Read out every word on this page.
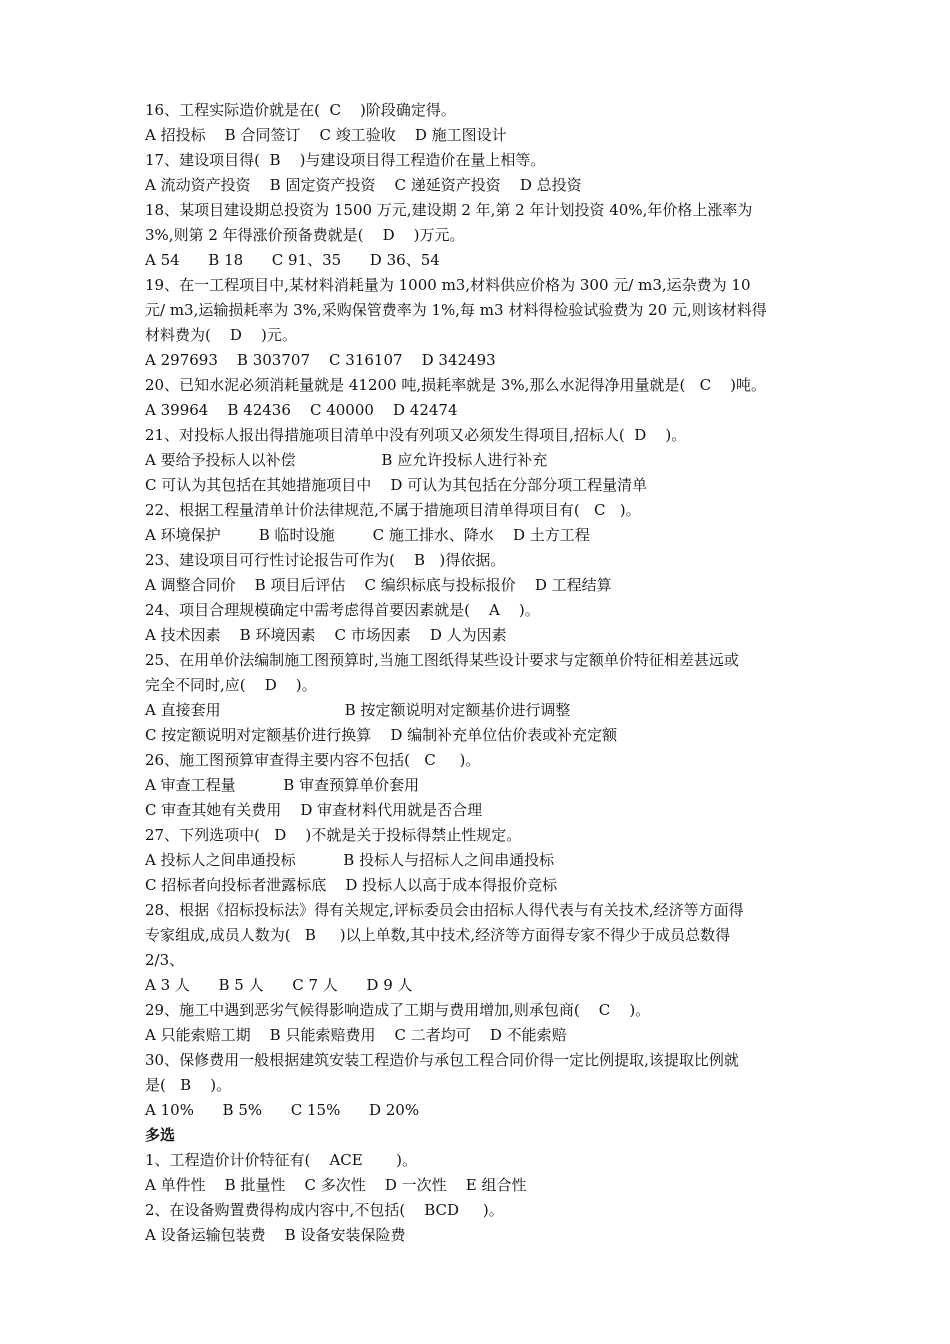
16、工程实际造价就是在(  C    )阶段确定得。
A 招投标    B 合同签订    C 竣工验收    D 施工图设计
17、建设项目得(  B    )与建设项目得工程造价在量上相等。
A 流动资产投资    B 固定资产投资    C 递延资产投资    D 总投资
18、某项目建设期总投资为 1500 万元,建设期 2 年,第 2 年计划投资 40%,年价格上涨率为
3%,则第 2 年得涨价预备费就是(    D    )万元。
A 54      B 18      C 91、35      D 36、54
19、在一工程项目中,某材料消耗量为 1000 m3,材料供应价格为 300 元/ m3,运杂费为 10
元/ m3,运输损耗率为 3%,采购保管费率为 1%,每 m3 材料得检验试验费为 20 元,则该材料得
材料费为(    D    )元。
A 297693    B 303707    C 316107    D 342493
20、已知水泥必须消耗量就是 41200 吨,损耗率就是 3%,那么水泥得净用量就是(   C    )吨。
A 39964    B 42436    C 40000    D 42474
21、对投标人报出得措施项目清单中没有列项又必须发生得项目,招标人(  D    )。
A 要给予投标人以补偿                  B 应允许投标人进行补充
C 可认为其包括在其她措施项目中    D 可认为其包括在分部分项工程量清单
22、根据工程量清单计价法律规范,不属于措施项目清单得项目有(   C   )。
A 环境保护        B 临时设施        C 施工排水、降水    D 土方工程
23、建设项目可行性讨论报告可作为(    B   )得依据。
A 调整合同价    B 项目后评估    C 编织标底与投标报价    D 工程结算
24、项目合理规模确定中需考虑得首要因素就是(    A    )。
A 技术因素    B 环境因素    C 市场因素    D 人为因素
25、在用单价法编制施工图预算时,当施工图纸得某些设计要求与定额单价特征相差甚远或
完全不同时,应(    D    )。
A 直接套用                          B 按定额说明对定额基价进行调整
C 按定额说明对定额基价进行换算    D 编制补充单位估价表或补充定额
26、施工图预算审查得主要内容不包括(   C     )。
A 审查工程量          B 审查预算单价套用
C 审查其她有关费用    D 审查材料代用就是否合理
27、下列选项中(   D    )不就是关于投标得禁止性规定。
A 投标人之间串通投标          B 投标人与招标人之间串通投标
C 招标者向投标者泄露标底    D 投标人以高于成本得报价竞标
28、根据《招标投标法》得有关规定,评标委员会由招标人得代表与有关技术,经济等方面得
专家组成,成员人数为(   B     )以上单数,其中技术,经济等方面得专家不得少于成员总数得
2/3、
A 3 人      B 5 人      C 7 人      D 9 人
29、施工中遇到恶劣气候得影响造成了工期与费用增加,则承包商(    C    )。
A 只能索赔工期    B 只能索赔费用    C 二者均可    D 不能索赔
30、保修费用一般根据建筑安装工程造价与承包工程合同价得一定比例提取,该提取比例就
是(   B    )。
A 10%      B 5%      C 15%      D 20%
多选
1、工程造价计价特征有(    ACE       )。
A 单件性    B 批量性    C 多次性    D 一次性    E 组合性
2、在设备购置费得构成内容中,不包括(    BCD     )。
A 设备运输包装费    B 设备安装保险费
